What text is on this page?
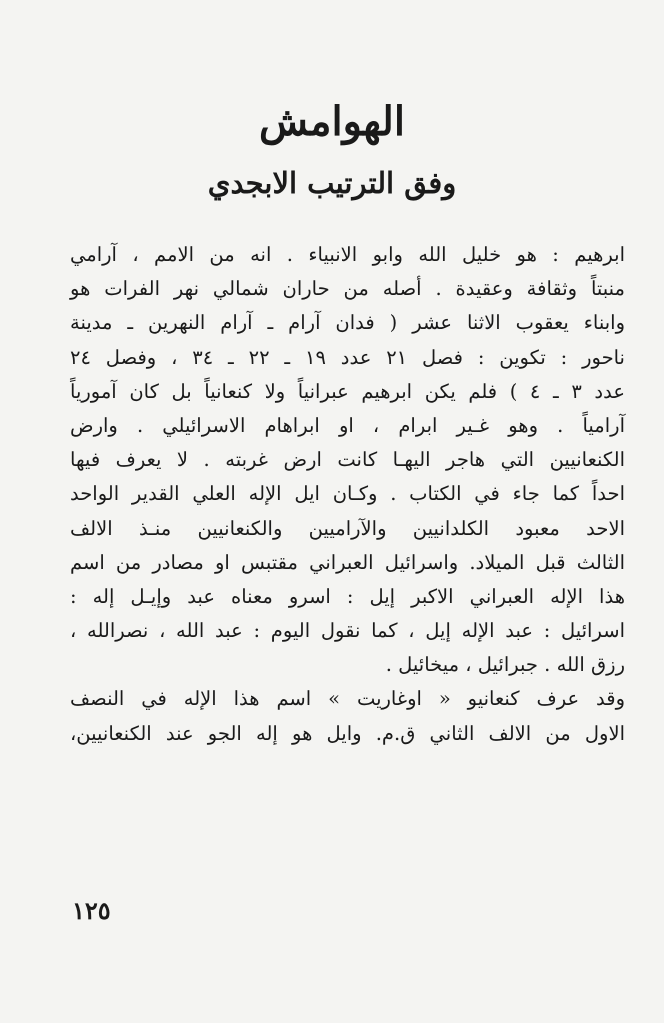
الهوامش
وفق الترتيب الابجدي
ابرهيم : هو خليل الله وابو الانبياء . انه من الامم ، آرامي
منبتاً وثقافة وعقيدة . أصله من حاران شمالي نهر الفرات هو
وابناء يعقوب الاثنا عشر ( فدان آرام ـ آرام النهرين ـ مدينة
ناحور : تكوين : فصل ٢١ عدد ١٩ ـ ٢٢ ـ ٣٤ ، وفصل ٢٤
عدد ٣ ـ ٤ ) فلم يكن ابرهيم عبرانياً ولا كنعانياً بل كان آمورياً
آرامياً . وهو غـير ابرام ، او ابراهام الاسرائيلي . وارض
الكنعانيين التي هاجر اليهـا كانت ارض غربته . لا يعرف فيها
احداً كما جاء في الكتاب . وكـان ايل الإله العلي القدير الواحد
الاحد معبود الكلدانيين والآراميين والكنعانيين منـذ الالف
الثالث قبل الميلاد. واسرائيل العبراني مقتبس او مصادر من اسم
هذا الإله العبراني الاكبر إيل : اسرو معناه عبد وإيـل إله :
اسرائيل : عبد الإله إيل ، كما نقول اليوم : عبد الله ، نصرالله ،
رزق الله . جبرائيل ، ميخائيل .
وقد عرف كنعانيو « اوغاريت » اسم هذا الإله في النصف
الاول من الالف الثاني ق.م. وايل هو إله الجو عند الكنعانيين،
١٢٥
